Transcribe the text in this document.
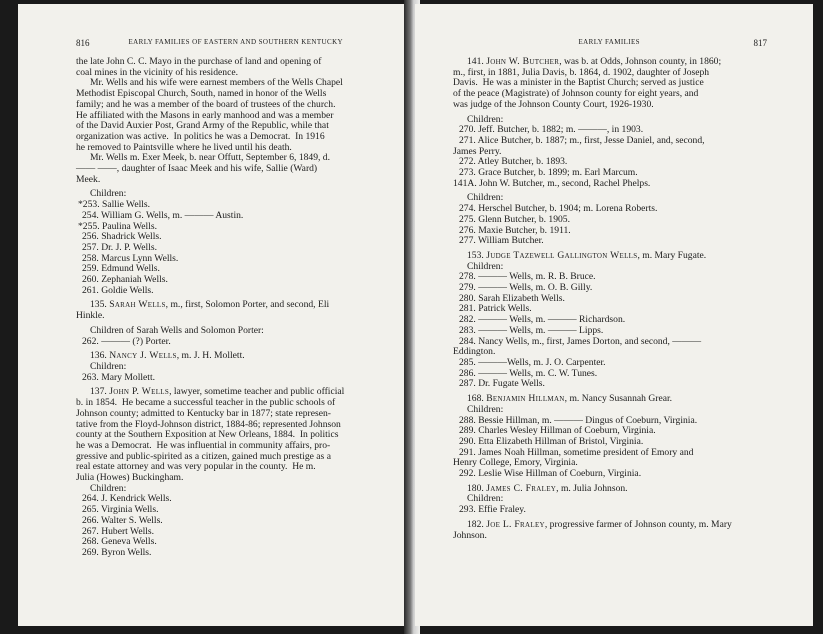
816	EARLY FAMILIES OF EASTERN AND SOUTHERN KENTUCKY
the late John C. C. Mayo in the purchase of land and opening of
coal mines in the vicinity of his residence.
Mr. Wells and his wife were earnest members of the Wells Chapel
Methodist Episcopal Church, South, named in honor of the Wells
family; and he was a member of the board of trustees of the church.
He affiliated with the Masons in early manhood and was a member
of the David Auxier Post, Grand Army of the Republic, while that
organization was active.  In politics he was a Democrat.  In 1916
he removed to Paintsville where he lived until his death.
Mr. Wells m. Exer Meek, b. near Offutt, September 6, 1849, d.
—— ——, daughter of Isaac Meek and his wife, Sallie (Ward)
Meek.
Children:
*253. Sallie Wells.
254. William G. Wells, m. ——— Austin.
*255. Paulina Wells.
256. Shadrick Wells.
257. Dr. J. P. Wells.
258. Marcus Lynn Wells.
259. Edmund Wells.
260. Zephaniah Wells.
261. Goldie Wells.
135. Sarah Wells, m., first, Solomon Porter, and second, Eli
Hinkle.
Children of Sarah Wells and Solomon Porter:
262. ——— (?) Porter.
136. Nancy J. Wells, m. J. H. Mollett.
Children:
263. Mary Mollett.
137. John P. Wells, lawyer, sometime teacher and public official
b. in 1854.  He became a successful teacher in the public schools of
Johnson county; admitted to Kentucky bar in 1877; state represen-
tative from the Floyd-Johnson district, 1884-86; represented Johnson
county at the Southern Exposition at New Orleans, 1884.  In politics
he was a Democrat.  He was influential in community affairs, pro-
gressive and public-spirited as a citizen, gained much prestige as a
real estate attorney and was very popular in the county.  He m.
Julia (Howes) Buckingham.
Children:
264. J. Kendrick Wells.
265. Virginia Wells.
266. Walter S. Wells.
267. Hubert Wells.
268. Geneva Wells.
269. Byron Wells.
EARLY FAMILIES	817
141. John W. Butcher, was b. at Odds, Johnson county, in 1860;
m., first, in 1881, Julia Davis, b. 1864, d. 1902, daughter of Joseph
Davis.  He was a minister in the Baptist Church; served as justice
of the peace (Magistrate) of Johnson county for eight years, and
was judge of the Johnson County Court, 1926-1930.
Children:
270. Jeff. Butcher, b. 1882; m. ———, in 1903.
271. Alice Butcher, b. 1887; m., first, Jesse Daniel, and, second,
James Perry.
272. Atley Butcher, b. 1893.
273. Grace Butcher, b. 1899; m. Earl Marcum.
141A. John W. Butcher, m., second, Rachel Phelps.
Children:
274. Herschel Butcher, b. 1904; m. Lorena Roberts.
275. Glenn Butcher, b. 1905.
276. Maxie Butcher, b. 1911.
277. William Butcher.
153. Judge Tazewell Gallington Wells, m. Mary Fugate.
Children:
278. ——— Wells, m. R. B. Bruce.
279. ——— Wells, m. O. B. Gilly.
280. Sarah Elizabeth Wells.
281. Patrick Wells.
282. ——— Wells, m. ——— Richardson.
283. ——— Wells, m. ——— Lipps.
284. Nancy Wells, m., first, James Dorton, and second, ———
Eddington.
285. ———Wells, m. J. O. Carpenter.
286. ——— Wells, m. C. W. Tunes.
287. Dr. Fugate Wells.
168. Benjamin Hillman, m. Nancy Susannah Grear.
Children:
288. Bessie Hillman, m. ——— Dingus of Coeburn, Virginia.
289. Charles Wesley Hillman of Coeburn, Virginia.
290. Etta Elizabeth Hillman of Bristol, Virginia.
291. James Noah Hillman, sometime president of Emory and
Henry College, Emory, Virginia.
292. Leslie Wise Hillman of Coeburn, Virginia.
180. James C. Fraley, m. Julia Johnson.
Children:
293. Effie Fraley.
182. Joe L. Fraley, progressive farmer of Johnson county, m. Mary
Johnson.
